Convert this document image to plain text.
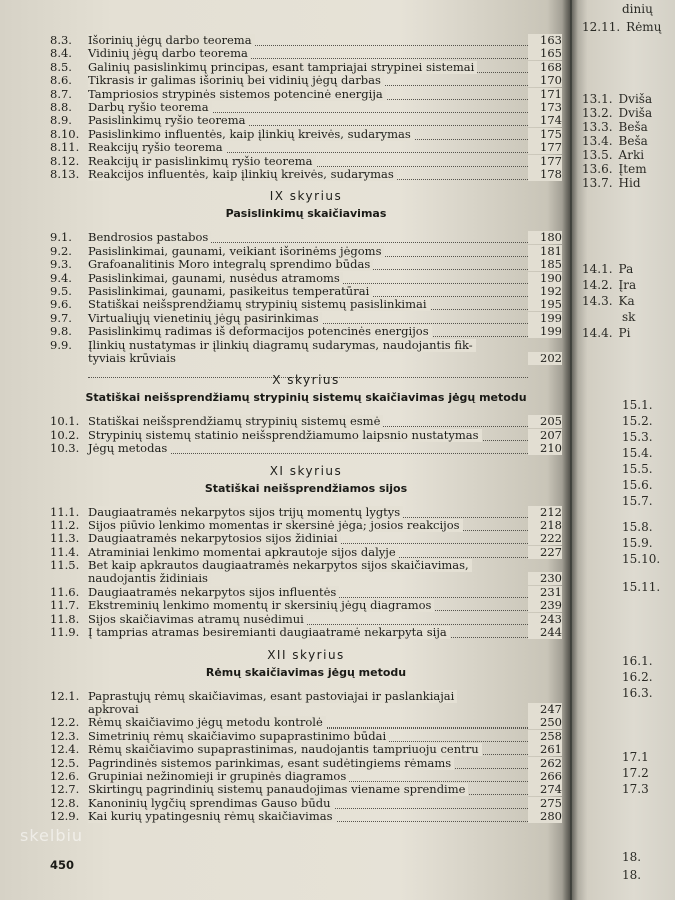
8.3.	Išorinių jėgų darbo teorema	163
8.4.	Vidinių jėgų darbo teorema	165
8.5.	Galinių pasislinkimų principas, esant tampriajai strypinei sistemai	168
8.6.	Tikrasis ir galimas išorinių bei vidinių jėgų darbas	170
8.7.	Tampriosios strypinės sistemos potencinė energija	171
8.8.	Darbų ryšio teorema	173
8.9.	Pasislinkimų ryšio teorema	174
8.10. Pasislinkimo influentės, kaip įlinkių kreivės, sudarymas	175
8.11. Reakcijų ryšio teorema	177
8.12. Reakcijų ir pasislinkimų ryšio teorema	177
8.13. Reakcijos influentės, kaip įlinkių kreivės, sudarymas	178
IX skyrius
Pasislinkimų skaičiavimas
9.1.	Bendrosios pastabos	180
9.2.	Pasislinkimai, gaunami, veikiant išorinėms jėgoms	181
9.3.	Grafoanalitinis Moro integralų sprendimo būdas	185
9.4.	Pasislinkimai, gaunami, nusėdus atramoms	190
9.5.	Pasislinkimai, gaunami, pasikeitus temperatūrai	192
9.6.	Statiškai neišsprendžiamų strypinių sistemų pasislinkimai	195
9.7.	Virtualiųjų vienetinių jėgų pasirinkimas	199
9.8.	Pasislinkimų radimas iš deformacijos potencinės energijos	199
9.9.	Įlinkių nustatymas ir įlinkių diagramų sudarymas, naudojantis fik-
tyviais krūviais	202
X skyrius
Statiškai neišsprendžiamų strypinių sistemų skaičiavimas jėgų metodu
10.1. Statiškai neišsprendžiamų strypinių sistemų esmė	205
10.2. Strypinių sistemų statinio neišsprendžiamumo laipsnio nustatymas	207
10.3. Jėgų metodas	210
XI skyrius
Statiškai neišsprendžiamos sijos
11.1. Daugiaatramės nekarpytos sijos trijų momentų lygtys	212
11.2. Sijos piūvio lenkimo momentas ir skersinė jėga; josios reakcijos	218
11.3. Daugiaatramės nekarpytosios sijos židiniai	222
11.4. Atraminiai lenkimo momentai apkrautoje sijos dalyje	227
11.5. Bet kaip apkrautos daugiaatramės nekarpytos sijos skaičiavimas,
naudojantis židiniais	230
11.6. Daugiaatramės nekarpytos sijos influentės	231
11.7. Ekstreminių lenkimo momentų ir skersinių jėgų diagramos	239
11.8. Sijos skaičiavimas atramų nusėdimui	243
11.9. Į tamprias atramas besiremianti daugiaatramė nekarpyta sija	244
XII skyrius
Rėmų skaičiavimas jėgų metodu
12.1. Paprastųjų rėmų skaičiavimas, esant pastoviajai ir paslankiajai
apkrovai	247
12.2. Rėmų skaičiavimo jėgų metodu kontrolė	250
12.3. Simetrinių rėmų skaičiavimo supaprastinimo būdai	258
12.4. Rėmų skaičiavimo supaprastinimas, naudojantis tampriuoju centru	261
12.5. Pagrindinės sistemos parinkimas, esant sudėtingiems rėmams	262
12.6. Grupiniai nežinomieji ir grupinės diagramos	266
12.7. Skirtingų pagrindinių sistemų panaudojimas viename sprendime	274
12.8. Kanoninių lygčių sprendimas Gauso būdu	275
12.9. Kai kurių ypatingesnių rėmų skaičiavimas	280
12.11. Rėmų
dinių
13.1. Dviša
13.2. Dviša
13.3. Beša
13.4. Beša
13.5. Arki
13.6. Įtem
13.7. Hid
14.1. Pa
14.2. Įra
14.3. Ka
sk
14.4. Pi
15.1.
15.2.
15.3.
15.4.
15.5.
15.6.
15.7.
15.8.
15.9.
15.10.
15.11.
16.1.
16.2.
16.3.
17.1
17.2
17.3
18.
18.
450
skelbiu
